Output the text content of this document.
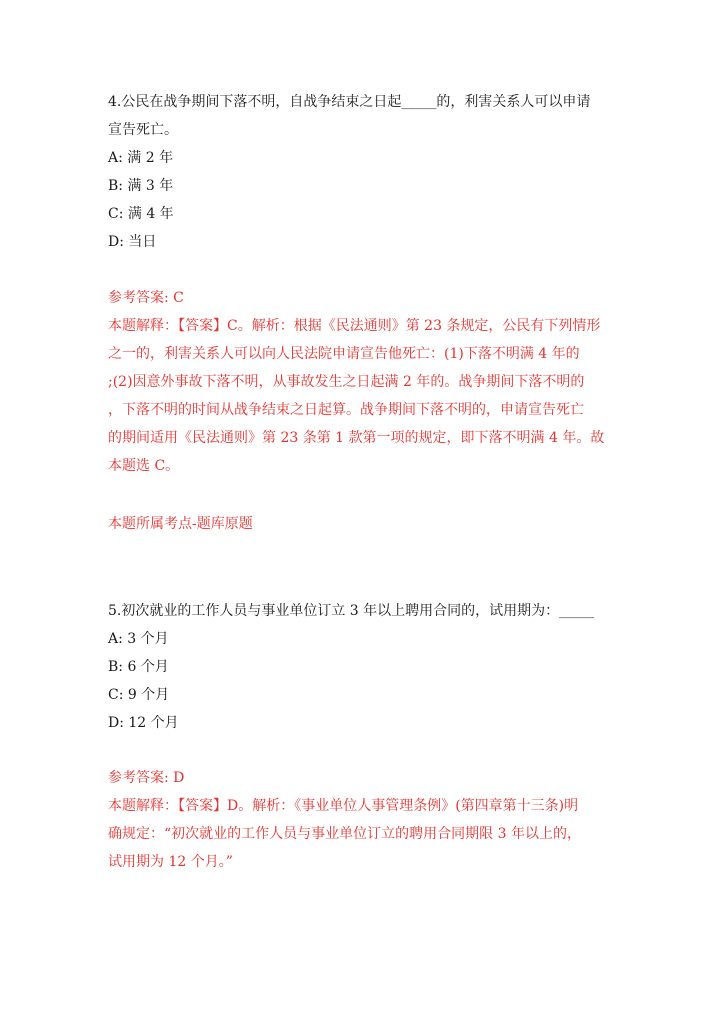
4.公民在战争期间下落不明，自战争结束之日起_____的，利害关系人可以申请

宣告死亡。

A: 满 2 年

B: 满 3 年

C: 满 4 年

D: 当日

参考答案: C

本题解释：【答案】C。解析：根据《民法通则》第 23 条规定，公民有下列情形

之一的，利害关系人可以向人民法院申请宣告他死亡：(1)下落不明满 4 年的

;(2)因意外事故下落不明，从事故发生之日起满 2 年的。战争期间下落不明的

，下落不明的时间从战争结束之日起算。战争期间下落不明的，申请宣告死亡

的期间适用《民法通则》第 23 条第 1 款第一项的规定，即下落不明满 4 年。故

本题选 C。

本题所属考点-题库原题

5.初次就业的工作人员与事业单位订立 3 年以上聘用合同的，试用期为：_____

A: 3 个月

B: 6 个月

C: 9 个月

D: 12 个月

参考答案: D

本题解释：【答案】D。解析：《事业单位人事管理条例》(第四章第十三条)明

确规定：“初次就业的工作人员与事业单位订立的聘用合同期限 3 年以上的，

试用期为 12 个月。”
